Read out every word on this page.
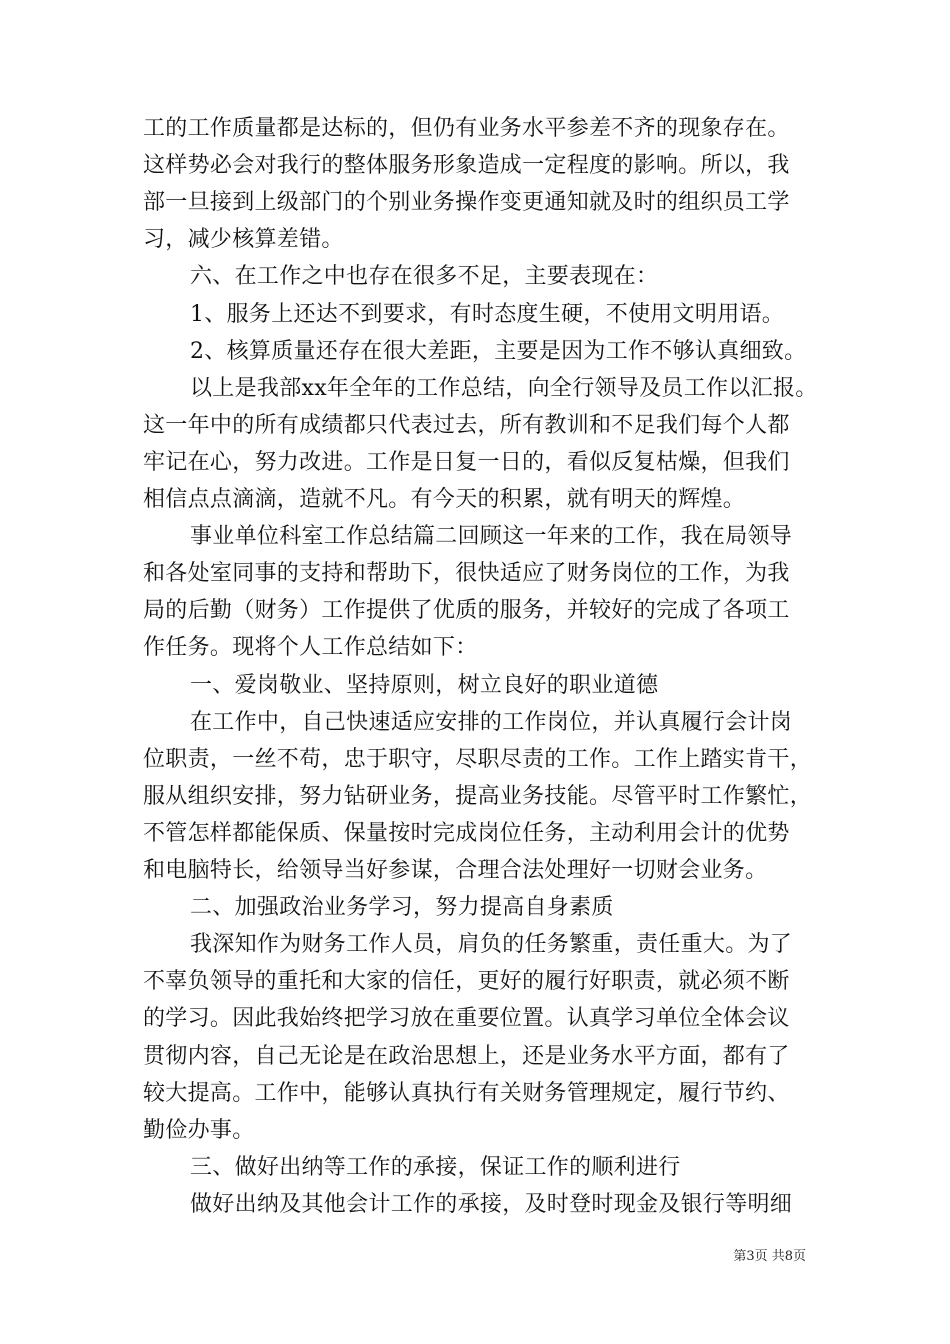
工的工作质量都是达标的，但仍有业务水平参差不齐的现象存在。
这样势必会对我行的整体服务形象造成一定程度的影响。所以，我
部一旦接到上级部门的个别业务操作变更通知就及时的组织员工学
习，减少核算差错。
六、在工作之中也存在很多不足，主要表现在：
1、服务上还达不到要求，有时态度生硬，不使用文明用语。
2、核算质量还存在很大差距，主要是因为工作不够认真细致。
以上是我部xx年全年的工作总结，向全行领导及员工作以汇报。
这一年中的所有成绩都只代表过去，所有教训和不足我们每个人都
牢记在心，努力改进。工作是日复一日的，看似反复枯燥，但我们
相信点点滴滴，造就不凡。有今天的积累，就有明天的辉煌。
事业单位科室工作总结篇二回顾这一年来的工作，我在局领导
和各处室同事的支持和帮助下，很快适应了财务岗位的工作，为我
局的后勤（财务）工作提供了优质的服务，并较好的完成了各项工
作任务。现将个人工作总结如下：
一、爱岗敬业、坚持原则，树立良好的职业道德
在工作中，自己快速适应安排的工作岗位，并认真履行会计岗
位职责，一丝不苟，忠于职守，尽职尽责的工作。工作上踏实肯干，
服从组织安排，努力钻研业务，提高业务技能。尽管平时工作繁忙，
不管怎样都能保质、保量按时完成岗位任务，主动利用会计的优势
和电脑特长，给领导当好参谋，合理合法处理好一切财会业务。
二、加强政治业务学习，努力提高自身素质
我深知作为财务工作人员，肩负的任务繁重，责任重大。为了
不辜负领导的重托和大家的信任，更好的履行好职责，就必须不断
的学习。因此我始终把学习放在重要位置。认真学习单位全体会议
贯彻内容，自己无论是在政治思想上，还是业务水平方面，都有了
较大提高。工作中，能够认真执行有关财务管理规定，履行节约、
勤俭办事。
三、做好出纳等工作的承接，保证工作的顺利进行
做好出纳及其他会计工作的承接，及时登时现金及银行等明细
第3页 共8页
